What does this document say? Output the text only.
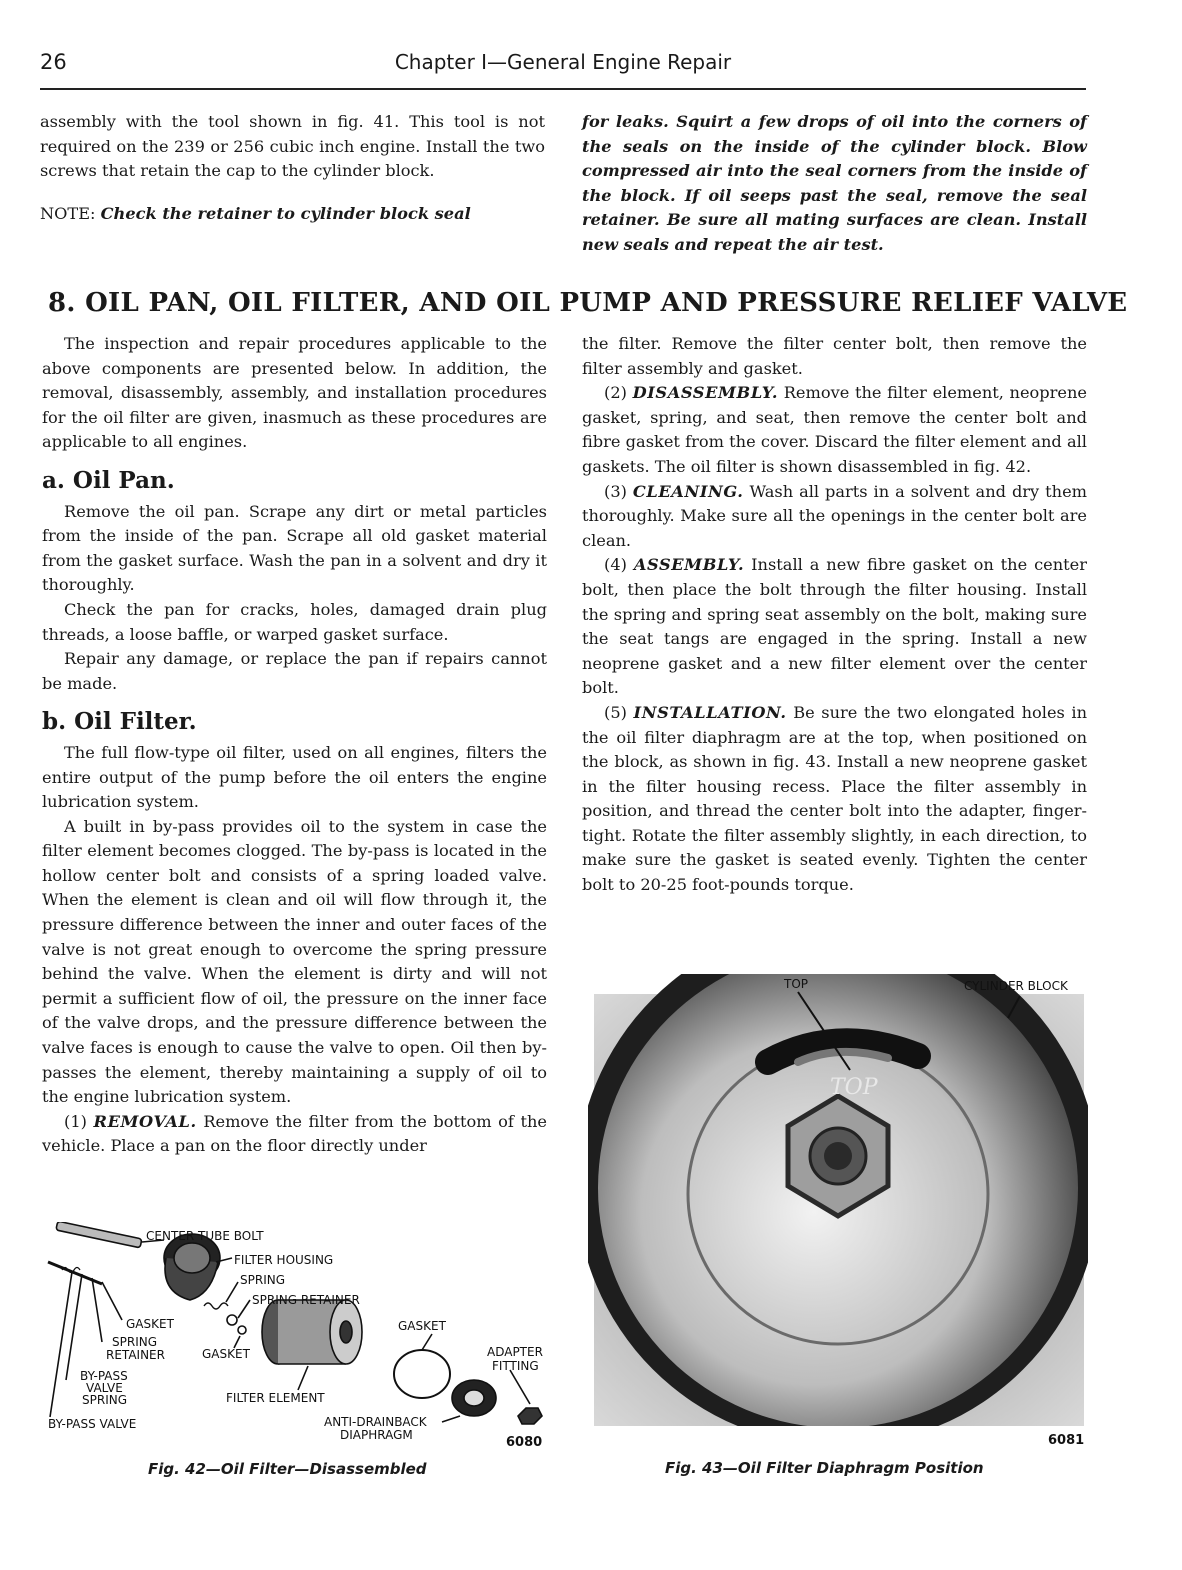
26	Chapter I—General Engine Repair

assembly with the tool shown in fig. 41. This tool is not required on the 239 or 256 cubic inch engine. Install the two screws that retain the cap to the cylinder block.

NOTE: Check the retainer to cylinder block seal

for leaks. Squirt a few drops of oil into the corners of the seals on the inside of the cylinder block. Blow compressed air into the seal corners from the inside of the block. If oil seeps past the seal, remove the seal retainer. Be sure all mating surfaces are clean. Install new seals and repeat the air test.

8. OIL PAN, OIL FILTER, AND OIL PUMP AND PRESSURE RELIEF VALVE

The inspection and repair procedures applicable to the above components are presented below. In addition, the removal, disassembly, assembly, and installation procedures for the oil filter are given, inasmuch as these procedures are applicable to all engines.

a. Oil Pan.

Remove the oil pan. Scrape any dirt or metal particles from the inside of the pan. Scrape all old gasket material from the gasket surface. Wash the pan in a solvent and dry it thoroughly.

Check the pan for cracks, holes, damaged drain plug threads, a loose baffle, or warped gasket surface.

Repair any damage, or replace the pan if repairs cannot be made.

b. Oil Filter.

The full flow-type oil filter, used on all engines, filters the entire output of the pump before the oil enters the engine lubrication system.

A built in by-pass provides oil to the system in case the filter element becomes clogged. The by-pass is located in the hollow center bolt and consists of a spring loaded valve. When the element is clean and oil will flow through it, the pressure difference between the inner and outer faces of the valve is not great enough to overcome the spring pressure behind the valve. When the element is dirty and will not permit a sufficient flow of oil, the pressure on the inner face of the valve drops, and the pressure difference between the valve faces is enough to cause the valve to open. Oil then by-passes the element, thereby maintaining a supply of oil to the engine lubrication system.

(1) REMOVAL. Remove the filter from the bottom of the vehicle. Place a pan on the floor directly under

the filter. Remove the filter center bolt, then remove the filter assembly and gasket.

(2) DISASSEMBLY. Remove the filter element, neoprene gasket, spring, and seat, then remove the center bolt and fibre gasket from the cover. Discard the filter element and all gaskets. The oil filter is shown disassembled in fig. 42.

(3) CLEANING. Wash all parts in a solvent and dry them thoroughly. Make sure all the openings in the center bolt are clean.

(4) ASSEMBLY. Install a new fibre gasket on the center bolt, then place the bolt through the filter housing. Install the spring and spring seat assembly on the bolt, making sure the seat tangs are engaged in the spring. Install a new neoprene gasket and a new filter element over the center bolt.

(5) INSTALLATION. Be sure the two elongated holes in the oil filter diaphragm are at the top, when positioned on the block, as shown in fig. 43. Install a new neoprene gasket in the filter housing recess. Place the filter assembly in position, and thread the center bolt into the adapter, finger-tight. Rotate the filter assembly slightly, in each direction, to make sure the gasket is seated evenly. Tighten the center bolt to 20-25 foot-pounds torque.

CENTER TUBE BOLT
FILTER HOUSING
SPRING
SPRING RETAINER
GASKET
SPRING
RETAINER	GASKET
GASKET
ADAPTER
FITTING
BY-PASS
VALVE
SPRING	FILTER ELEMENT
BY-PASS VALVE	ANTI-DRAINBACK
DIAPHRAGM	6080
Fig. 42—Oil Filter—Disassembled
TOP
TOP	CYLINDER BLOCK
6081
Fig. 43—Oil Filter Diaphragm Position
